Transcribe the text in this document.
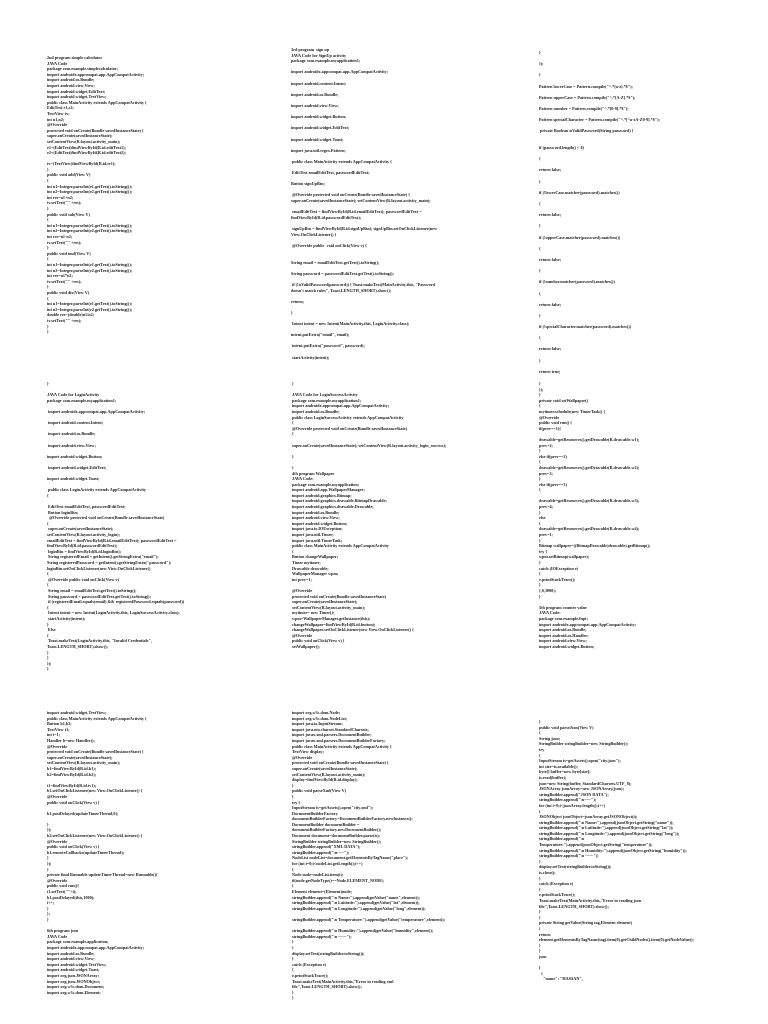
2nd program simple calculator
JAVA Code
package com.example.simplecalculator;
import androidx.appcompat.app.AppCompatActivity;
import android.os.Bundle;
import android.view.View;
import android.widget.EditText;
import android.widget.TextView;
public class MainActivity extends AppCompatActivity {
EditText e1,e2;
TextView tv;
int n1,n2;
@Override
protected void onCreate(Bundle savedInstanceState) {
super.onCreate(savedInstanceState);
setContentView(R.layout.activity_main);
e1=(EditText)findViewById(R.id.editText1);
e2=(EditText)findViewById(R.id.editText2);
tv=(TextView)findViewById(R.id.tv1);
}
public void add(View V)
{
int n1=Integer.parseInt(e1.getText().toString());
int n2=Integer.parseInt(e2.getText().toString());
int res=n1+n2;
tv.setText("" +res);
}
public void sub(View V)
{
int n1=Integer.parseInt(e1.getText().toString());
int n2=Integer.parseInt(e2.getText().toString());
int res=n1-n2;
tv.setText("" +res);
}
public void mul(View V)
{
int n1=Integer.parseInt(e1.getText().toString());
int n2=Integer.parseInt(e2.getText().toString());
int res=n1*n2;
tv.setText("" +res);
}
public void div(View V)
{
int n1=Integer.parseInt(e1.getText().toString());
int n2=Integer.parseInt(e2.getText().toString());
double res=(double)n1/n2;
tv.setText("" +res);
}
}
3rd program  sign up
JAVA Code for SignUp activity
package com.example.myapplication1;
import androidx.appcompat.app.AppCompatActivity;
import android.content.Intent;
import android.os.Bundle;
import android.view.View;
import android.widget.Button;
import android.widget.EditText;
import android.widget.Toast;
import java.util.regex.Pattern;
public class MainActivity extends AppCompatActivity {
EditText emailEditText, passwordEditText;
Button signUpBtn;
@Override protected void onCreate(Bundle savedInstanceState) {
super.onCreate(savedInstanceState); setContentView(R.layout.activity_main);
emailEditText = findViewById(R.id.emailEditText); passwordEditText =
findViewById(R.id.passwordEditText);
signUpBtn = findViewById(R.id.signUpBtn); signUpBtn.setOnClickListener(new
View.OnClickListener() {
@Override public  void onClick(View v) {
String email = emailEditText.getText().toString();
String password = passwordEditText.getText().toString();
if (!isValidPassword(password)) { Toast.makeText(MainActivity.this, "Password
doesn't match rules", Toast.LENGTH_SHORT).show();
return;
}
Intent intent = new Intent(MainActivity.this, LoginActivity.class);
intent.putExtra("email", email);
intent.putExtra("password", password);
startActivity(intent);
}
});
}
Pattern lowerCase = Pattern.compile("^.*[a-z].*$");
Pattern upperCase = Pattern.compile("^.*[A-Z].*$");
Pattern number = Pattern.compile("^.*[0-9].*$");
Pattern specialCharacter = Pattern.compile("^.*[^a-zA-Z0-9].*$");
private Boolean isValidPassword(String password) {
if (password.length() < 8)
{
return false;
}
if (!lowerCase.matcher(password).matches())
{
return false;
}
if (!upperCase.matcher(password).matches())
{
return false;
}
if (!number.matcher(password).matches())
{
return false;
}
if (!specialCharacter.matcher(password).matches())
{
return false;
}
return true;
}
JAVA Code for LoginActivity
package com.example.myapplication1;
import androidx.appcompat.app.AppCompatActivity;
import android.content.Intent;
import android.os.Bundle;
import android.view.View;
import android.widget.Button;
import android.widget.EditText;
import android.widget.Toast;
public class LoginActivity extends AppCompatActivity
{
EditText emailEditText, passwordEditText;
Button loginBtn;
@Override protected void onCreate(Bundle savedInstanceState)
{
super.onCreate(savedInstanceState);
setContentView(R.layout.activity_login);
emailEditText = findViewById(R.id.emailEditText); passwordEditText =
findViewById(R.id.passwordEditText);
loginBtn = findViewById(R.id.loginBtn);
String registeredEmail = getIntent().getStringExtra("email");
String registeredPassword = getIntent().getStringExtra("password");
loginBtn.setOnClickListener(new View.OnClickListener()
{
@Override public void onClick(View v)
{
String email = emailEditText.getText().toString();
String password = passwordEditText.getText().toString();
if (registeredEmail.equals(email) && registeredPassword.equals(password))
{
Intent intent = new Intent(LoginActivity.this, LoginSuccessActivity.class);
startActivity(intent);
}
Else
{
Toast.makeText(LoginActivity.this, "Invalid Credentials",
Toast.LENGTH_SHORT).show();
}
}
});
}
}
JAVA Code for LoginSuccessActivity
package com.example.myapplication1;
import androidx.appcompat.app.AppCompatActivity;
import android.os.Bundle;
public class LoginSuccessActivity extends AppCompatActivity
{
@Override protected void onCreate(Bundle savedInstanceState)
{
super.onCreate(savedInstanceState); setContentView(R.layout.activity_login_success);
}
}
4th program Wallpaper
JAVA Code:
package com.example.myapplication;
import android.app.WallpaperManager;
import android.graphics.Bitmap;
import android.graphics.drawable.BitmapDrawable;
import android.graphics.drawable.Drawable;
import android.os.Bundle;
import android.view.View;
import android.widget.Button;
import java.io.IOException;
import java.util.Timer;
import java.util.TimerTask;
public class MainActivity extends AppCompatActivity
{
Button changeWallpaper;
Timer mytimer;
Drawable drawable;
WallpaperManager wpm;
int prev=1;
@Override
protected void onCreate(Bundle savedInstanceState)
super.onCreate(savedInstanceState);
setContentView(R.layout.activity_main);
mytimer= new Timer();
wpm=WallpaperManager.getInstance(this);
changeWallpaper=findViewById(R.id.button);
changeWallpaper.setOnClickListener(new View.OnClickListener() {
@Override
public void onClick(View v) {
setWallpaper();
}
});
}
private void setWallpaper()
{
mytimer.schedule(new TimerTask() {
@Override
public void run() {
if(prev==1){
drawable=getResources().getDrawable(R.drawable.w1);
prev=2;
}
else if(prev==2)
{
drawable=getResources().getDrawable(R.drawable.w2);
prev=3;
}
else if(prev==3)
{
drawable=getResources().getDrawable(R.drawable.w3);
prev=4;
}
else
{
drawable=getResources().getDrawable(R.drawable.w4);
prev=1;
}
Bitmap wallpaper=((BitmapDrawable)drawable).getBitmap();
try {
wpm.setBitmap(wallpaper);
}
catch (IOException e)
{
e.printStackTrace();
}
},0,3000);
}
5th program counter value
JAVA Code:
package com.example.fnpt;
import androidx.appcompat.app.AppCompatActivity;
import android.os.Bundle;
import android.os.Handler;
import android.view.View;
import android.widget.Button;
import android.widget.TextView;
public class MainActivity extends AppCompatActivity {
Button b1,b2;
TextView t1;
int i=1;
Handler h=new Handler();
@Override
protected void onCreate(Bundle savedInstanceState) {
super.onCreate(savedInstanceState);
setContentView(R.layout.activity_main);
b1=findViewById(R.id.b1);
b2=findViewById(R.id.b2);
t1=findViewById(R.id.tv1);
b1.setOnClickListener(new View.OnClickListener() {
@Override
public void onClick(View v) {
h1.postDelayed(updateTimerThread,0);
}
});
b2.setOnClickListener(new View.OnClickListener() {
@Override
public void onClick(View v) {
h1.removeCallbacks(updateTimerThread);
}
});
}
private final Runnable updateTimerThread=new Runnable(){
@Override
public void run(){
t1.setText(""+i);
h1.postDelayed(this,1000);
i++;
}
};
}
6th program json
JAVA Code
package com.example.application;
import androidx.appcompat.app.AppCompatActivity;
import android.os.Bundle;
import android.view.View;
import android.widget.TextView;
import android.widget.Toast;
import org.json.JSONArray;
import org.json.JSONObject;
import org.w3c.dom.Document;
import org.w3c.dom.Element;
import org.w3c.dom.Node;
import org.w3c.dom.NodeList;
import java.io.InputStream;
import java.nio.charset.StandardCharsets;
import javax.xml.parsers.DocumentBuilder;
import javax.xml.parsers.DocumentBuilderFactory;
public class MainActivity extends AppCompatActivity {
TextView display;
@Override
protected void onCreate(Bundle savedInstanceState) {
super.onCreate(savedInstanceState);
setContentView(R.layout.activity_main);
display=findViewById(R.id.display);
}
public void parseXml(View V)
{
try {
InputStream is=getAssets().open("city.xml");
DocumentBuilderFactory
documentBuilderFactory=DocumentBuilderFactory.newInstance();
DocumentBuilder documentBuilder =
documentBuilderFactory.newDocumentBuilder();
Document document=documentBuilder.parse(is);
StringBuilder stringBuilder=new StringBuilder();
stringBuilder.append("XML DATA");
stringBuilder.append("\n-----");
NodeList nodeList=document.getElementsByTagName("place");
for (int i=0;i<nodeList.getLength();i++)
{
Node node=nodeList.item(i);
if(node.getNodeType()==Node.ELEMENT_NODE)
{
Element element=(Element)node;
stringBuilder.append("\n Name:").append(getValue("name",element));
stringBuilder.append("\n Latitude:").append(getValue("lat",element));
stringBuilder.append("\n Longitude:").append(getValue("long",element));
stringBuilder.append("\n Temperature:").append(getValue("temperature",element));
stringBuilder.append("\n Humidity:").append(getValue("humidity",element));
stringBuilder.append("\n ------");
}
}
display.setText(stringBuilder.toString());
}
catch (Exception e)
{
e.printStackTrace();
Toast.makeText(MainActivity.this,"Error in reading xml
file",Toast.LENGTH_SHORT).show();
}
}
}
public void parseJson(View V)
{
String json;
StringBuilder stringBuilder=new StringBuilder();
try
{
InputStream is=getAssets().open("city.json");
int size=is.available();
byte[] buffer=new byte[size];
is.read(buffer);
json=new String(buffer, StandardCharsets.UTF_8);
JSONArray jsonArray=new JSONArray(json);
stringBuilder.append("JSON DATA");
stringBuilder.append("\n-----");
for (int i=0;i<jsonArray.length();i++)
{
JSONObject jsonObject=jsonArray.getJSONObject(i);
stringBuilder.append("\n Name:").append(jsonObject.getString("name"));
stringBuilder.append("\n Latitude:").append(jsonObject.getString("lat"));
stringBuilder.append("\n Longitude:").append(jsonObject.getString("long"));
stringBuilder.append("\n
Temperature:").append(jsonObject.getString("temperature"));
stringBuilder.append("\n Humidity:").append(jsonObject.getString("humidity"));
stringBuilder.append("\n ------");
}
display.setText(stringBuilder.toString());
is.close();
}
catch (Exception e)
{
e.printStackTrace();
Toast.makeText(MainActivity.this,"Error in reading json
file",Toast.LENGTH_SHORT).show();
}
}
private String getValue(String tag,Element element)
{
return
element.getElementsByTagName(tag).item(0).getChildNodes().item(0).getNodeValue();
}
}
json
[
{
"name": "HASSAN",
